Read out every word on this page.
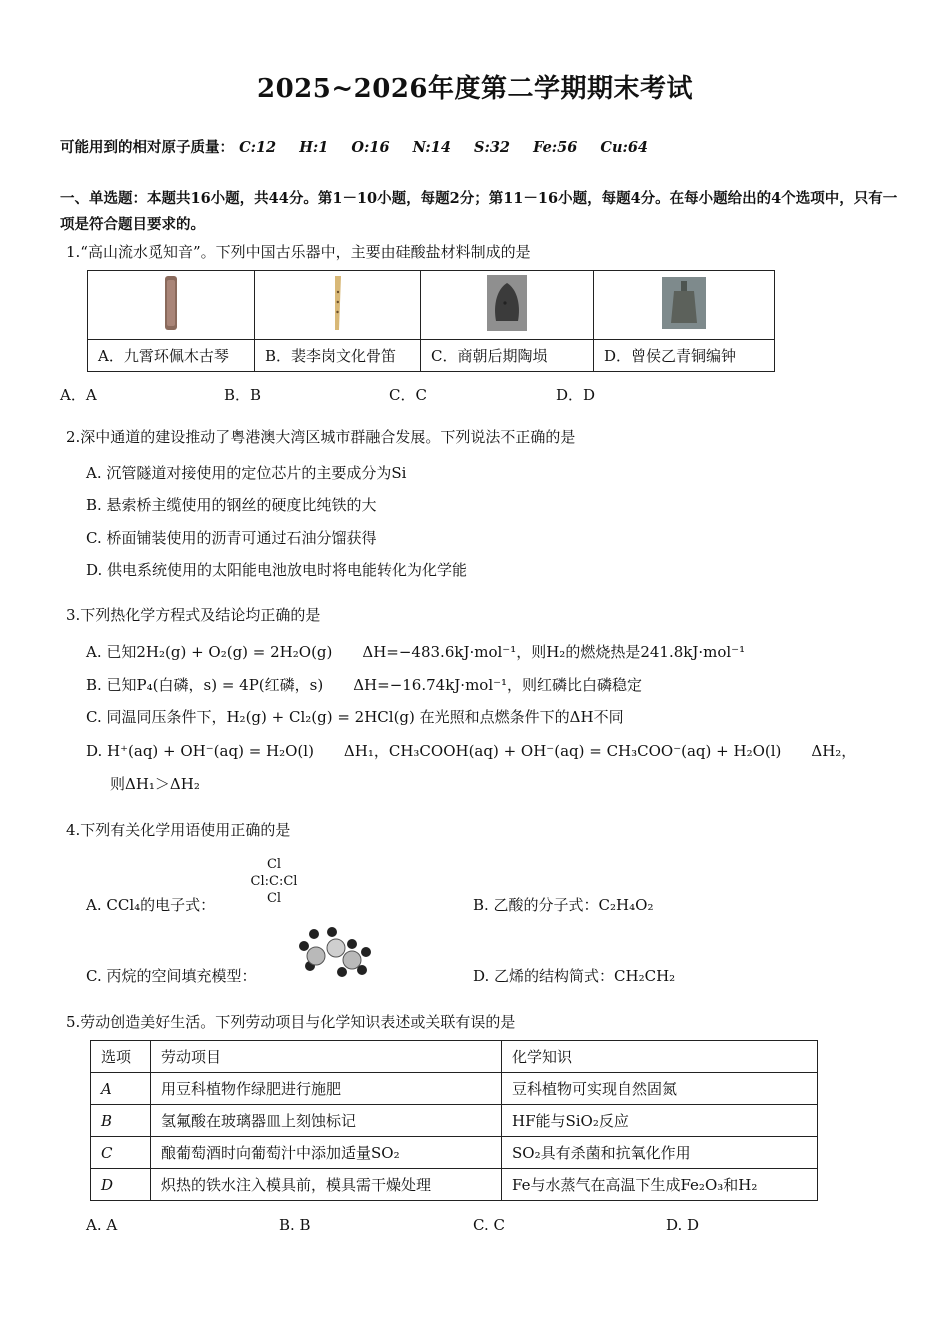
2025~2026年度第二学期期末考试
可能用到的相对原子质量： C:12 H:1 O:16 N:14 S:32 Fe:56 Cu:64
一、单选题：本题共16小题，共44分。第1－10小题，每题2分；第11－16小题，每题4分。在每小题给出的4个选项中，只有一项是符合题目要求的。
1.“高山流水觅知音”。下列中国古乐器中，主要由硅酸盐材料制成的是

A．九霄环佩木古琴	B．裴李岗文化骨笛	C．商朝后期陶埙	D．曾侯乙青铜编钟
A．A	B．B	C．C	D．D
2.深中通道的建设推动了粤港澳大湾区城市群融合发展。下列说法不正确的是
A. 沉管隧道对接使用的定位芯片的主要成分为Si
B. 悬索桥主缆使用的钢丝的硬度比纯铁的大
C. 桥面铺装使用的沥青可通过石油分馏获得
D. 供电系统使用的太阳能电池放电时将电能转化为化学能
3.下列热化学方程式及结论均正确的是
A. 已知2H₂(g) + O₂(g) = 2H₂O(g)　　ΔH=−483.6kJ·mol⁻¹，则H₂的燃烧热是241.8kJ·mol⁻¹
B. 已知P₄(白磷，s) = 4P(红磷，s)　　ΔH=−16.74kJ·mol⁻¹，则红磷比白磷稳定
C. 同温同压条件下，H₂(g) + Cl₂(g) = 2HCl(g) 在光照和点燃条件下的ΔH不同
D. H⁺(aq) + OH⁻(aq) = H₂O(l)　　ΔH₁，CH₃COOH(aq) + OH⁻(aq) = CH₃COO⁻(aq) + H₂O(l)　　ΔH₂，
则ΔH₁＞ΔH₂
4.下列有关化学用语使用正确的是
A. CCl₄的电子式：
Cl
Cl:C:Cl
Cl	B. 乙酸的分子式：C₂H₄O₂
C. 丙烷的空间填充模型：	D. 乙烯的结构简式：CH₂CH₂
5.劳动创造美好生活。下列劳动项目与化学知识表述或关联有误的是
选项	劳动项目	化学知识
A	用豆科植物作绿肥进行施肥	豆科植物可实现自然固氮
B	氢氟酸在玻璃器皿上刻蚀标记	HF能与SiO₂反应
C	酿葡萄酒时向葡萄汁中添加适量SO₂	SO₂具有杀菌和抗氧化作用
D	炽热的铁水注入模具前，模具需干燥处理	Fe与水蒸气在高温下生成Fe₂O₃和H₂
A. A	B. B	C. C	D. D
